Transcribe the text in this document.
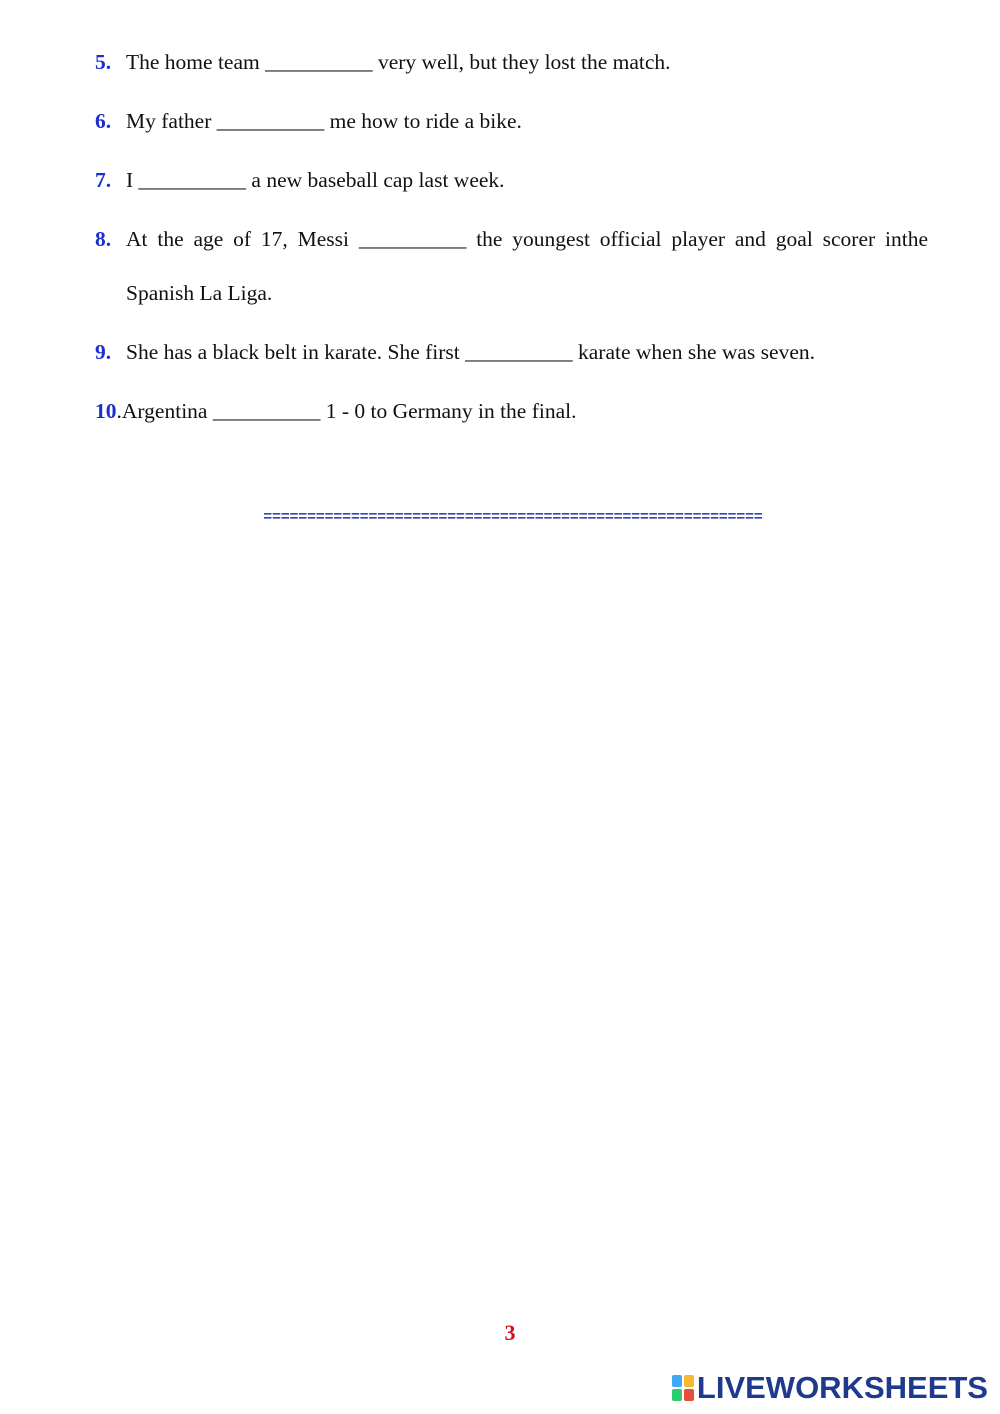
5. The home team __________ very well, but they lost the match.
6. My father __________ me how to ride a bike.
7. I __________ a new baseball cap last week.
8. At the age of 17, Messi __________ the youngest official player and goal scorer inthe Spanish La Liga.
9. She has a black belt in karate. She first __________ karate when she was seven.
10.Argentina __________ 1 - 0 to Germany in the final.
=========================================================
3
LIVEWORKSHEETS
